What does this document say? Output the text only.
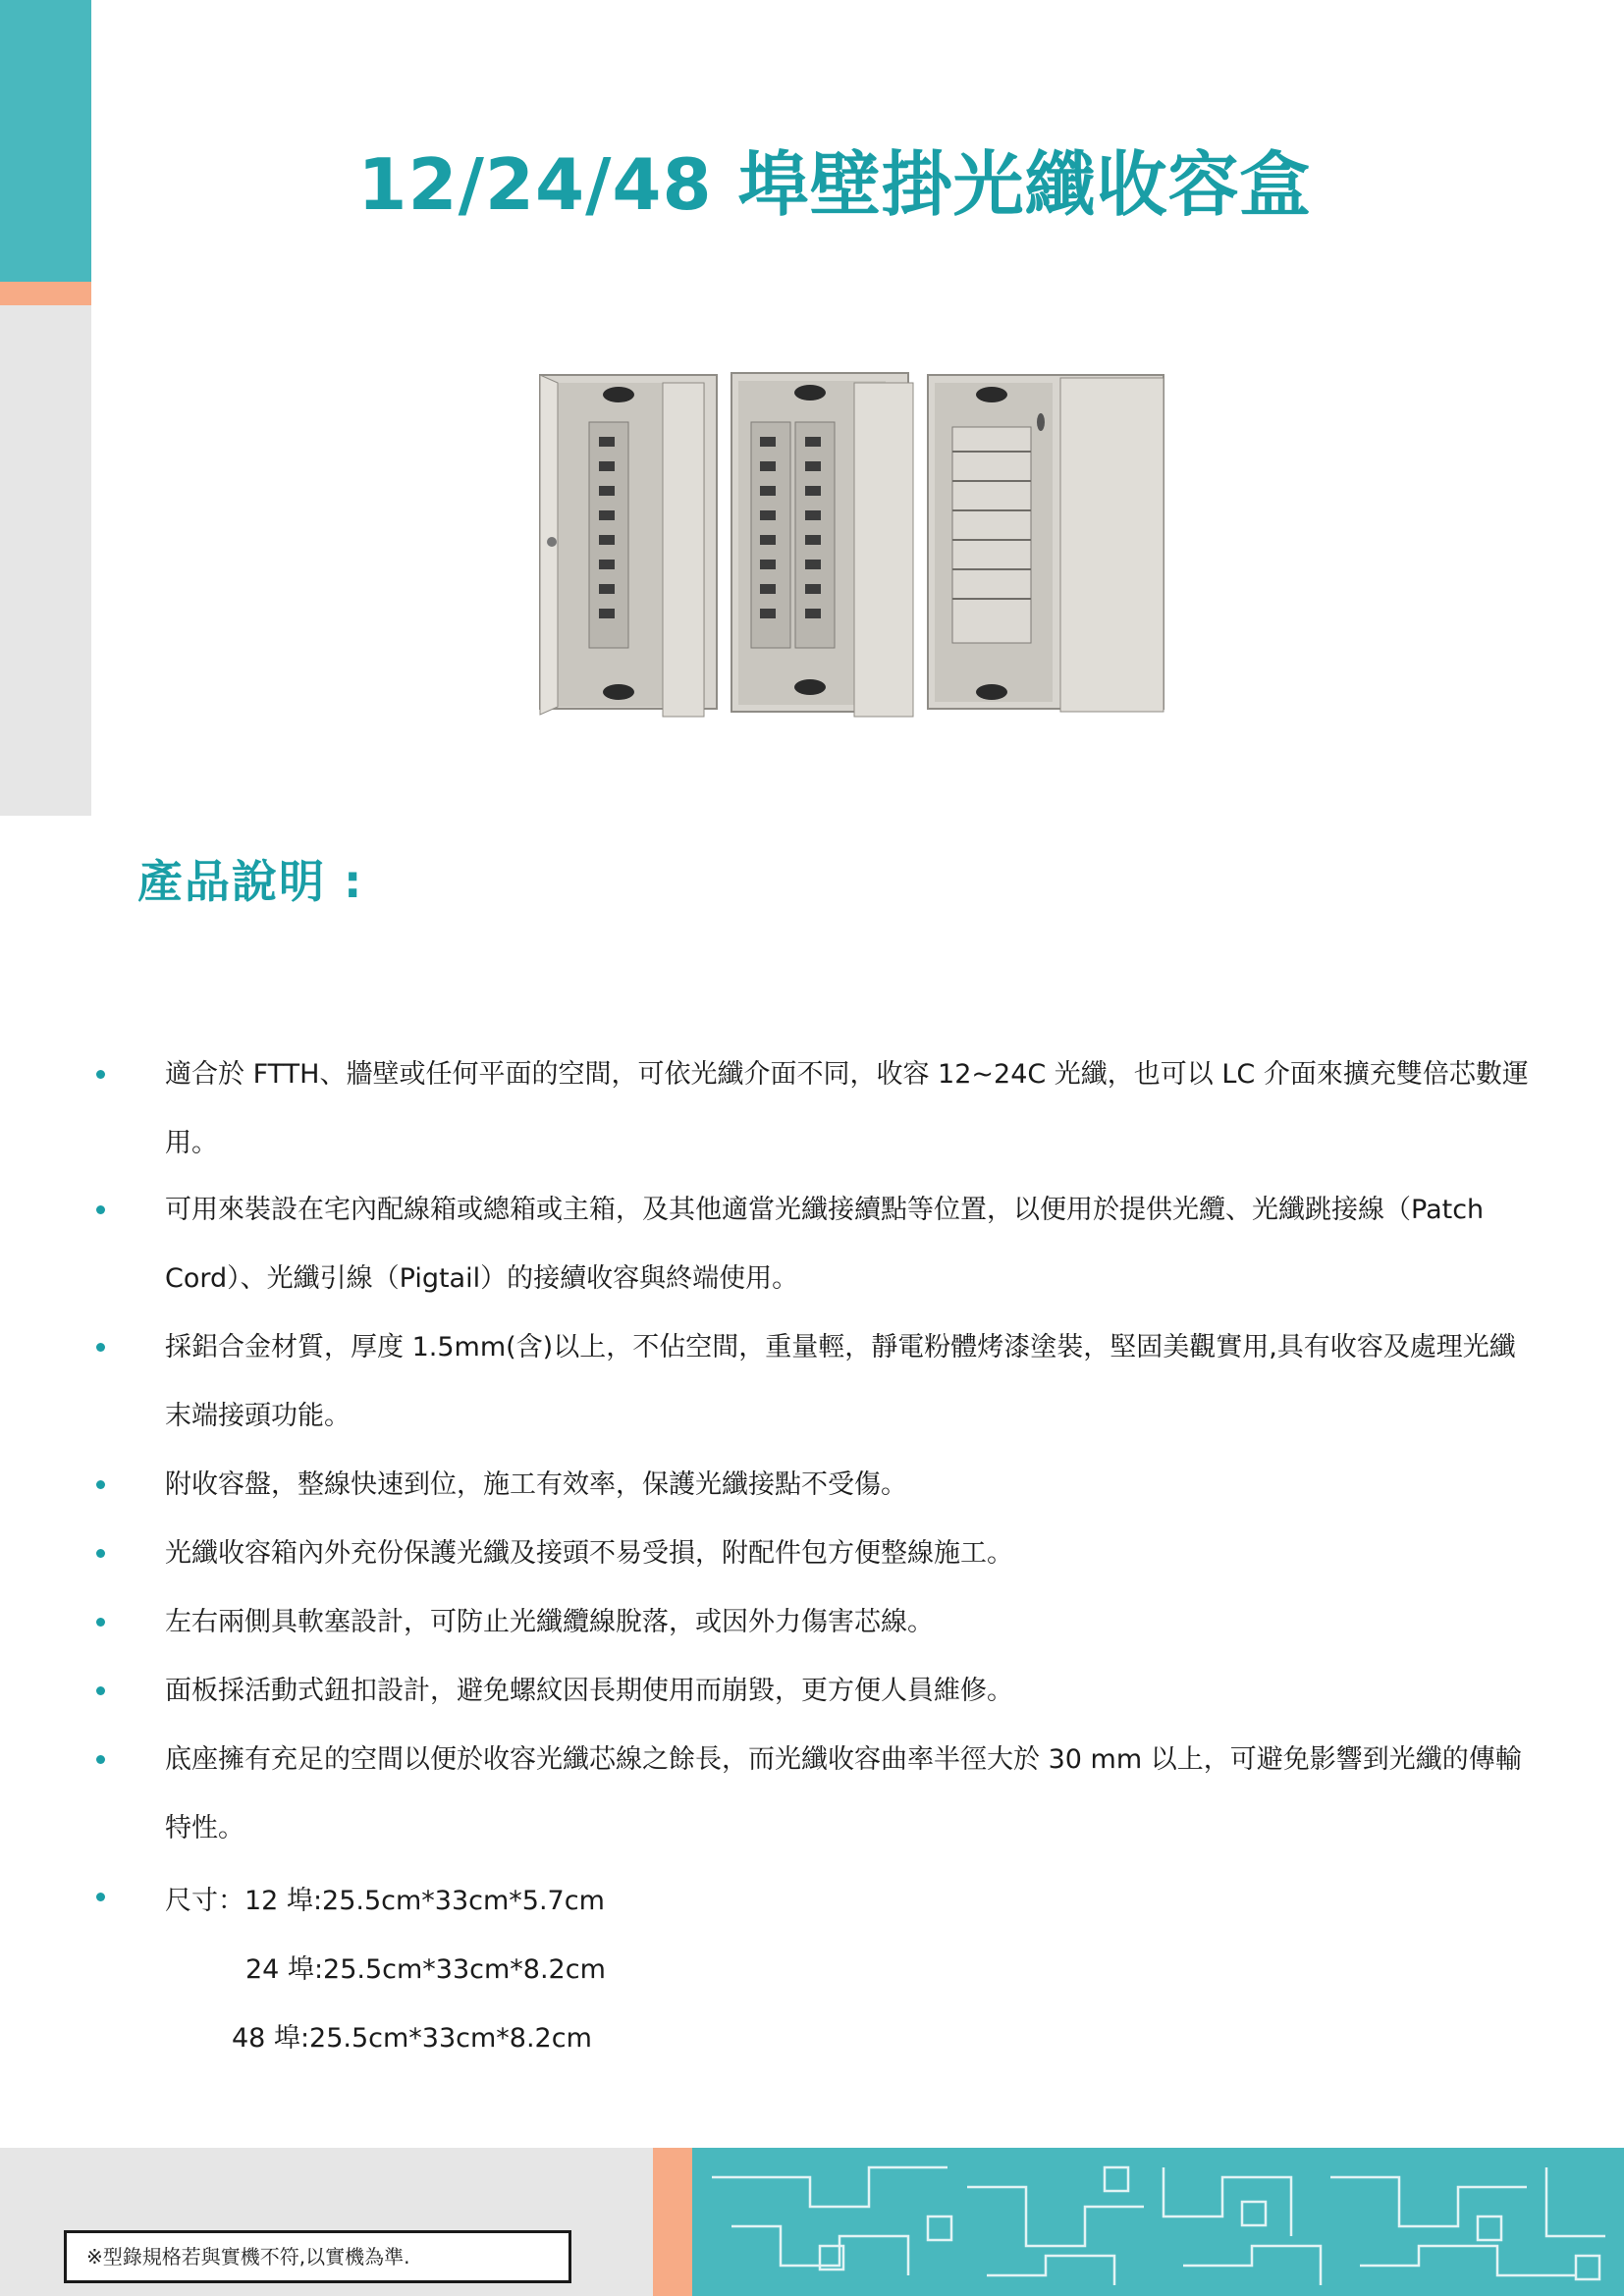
12/24/48 埠壁掛光纖收容盒
產品說明 :
適合於 FTTH、牆壁或任何平面的空間，可依光纖介面不同，收容 12~24C 光纖，也可以 LC 介面來擴充雙倍芯數運用。
可用來裝設在宅內配線箱或總箱或主箱，及其他適當光纖接續點等位置，以便用於提供光纜、光纖跳接線（Patch Cord）、光纖引線（Pigtail）的接續收容與終端使用。
採鋁合金材質，厚度 1.5mm(含)以上，不佔空間，重量輕，靜電粉體烤漆塗裝，堅固美觀實用,具有收容及處理光纖末端接頭功能。
附收容盤，整線快速到位，施工有效率，保護光纖接點不受傷。
光纖收容箱內外充份保護光纖及接頭不易受損，附配件包方便整線施工。
左右兩側具軟塞設計，可防止光纖纜線脫落，或因外力傷害芯線。
面板採活動式鈕扣設計，避免螺紋因長期使用而崩毀，更方便人員維修。
底座擁有充足的空間以便於收容光纖芯線之餘長，而光纖收容曲率半徑大於 30 mm 以上，可避免影響到光纖的傳輸特性。
尺寸：12 埠:25.5cm*33cm*5.7cm
24 埠:25.5cm*33cm*8.2cm
48 埠:25.5cm*33cm*8.2cm
※型錄規格若與實機不符,以實機為準.
